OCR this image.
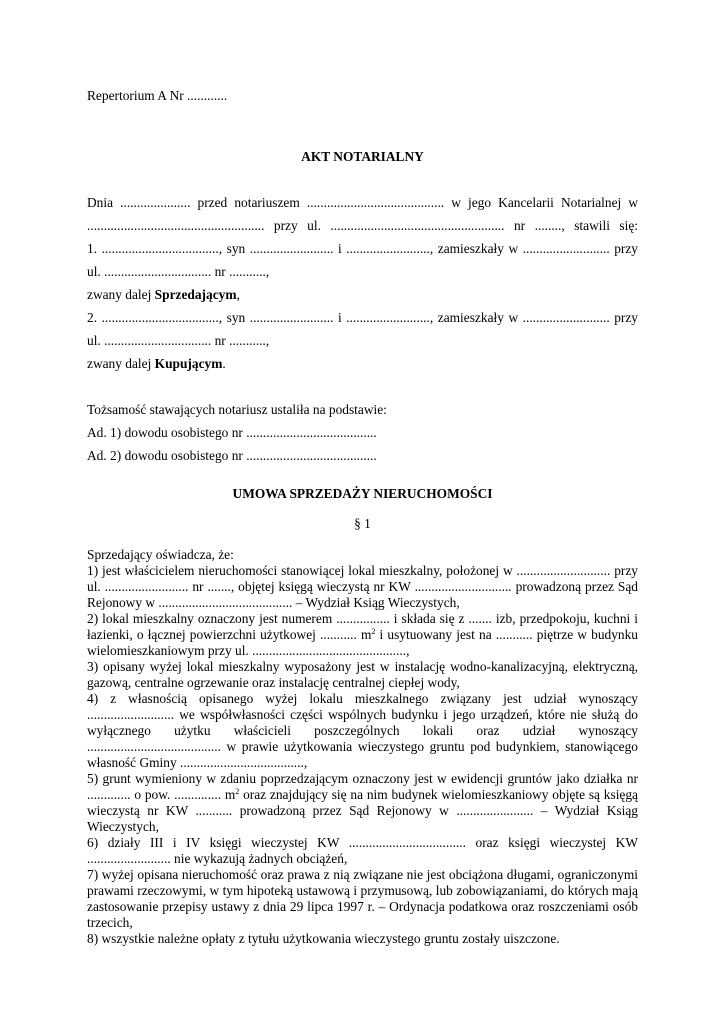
Repertorium A Nr ............
AKT NOTARIALNY
Dnia ..................... przed notariuszem ......................................... w jego Kancelarii Notarialnej w
..................................................... przy ul. .................................................... nr ........, stawili się:
1. ..................................., syn ......................... i ........................., zamieszkały w .......................... przy
ul. ................................ nr ...........,
zwany dalej Sprzedającym,
2. ..................................., syn ......................... i ........................., zamieszkały w .......................... przy
ul. ................................ nr ...........,
zwany dalej Kupującym.
Tożsamość stawających notariusz ustaliła na podstawie:
Ad. 1) dowodu osobistego nr .......................................
Ad. 2) dowodu osobistego nr .......................................
UMOWA SPRZEDAŻY NIERUCHOMOŚCI
§ 1
Sprzedający oświadcza, że:
1) jest właścicielem nieruchomości stanowiącej lokal mieszkalny, położonej w ............................ przy
ul. ......................... nr ......., objętej księgą wieczystą nr KW ............................. prowadzoną przez Sąd
Rejonowy w ........................................ – Wydział Ksiąg Wieczystych,
2) lokal mieszkalny oznaczony jest numerem ................ i składa się z ....... izb, przedpokoju, kuchni i
łazienki, o łącznej powierzchni użytkowej ........... $m^2$ i usytuowany jest na ........... piętrze w budynku
wielomieszkaniowym przy ul. ..............................................,
3) opisany wyżej lokal mieszkalny wyposażony jest w instalację wodno-kanalizacyjną, elektryczną,
gazową, centralne ogrzewanie oraz instalację centralnej ciepłej wody,
4) z własnością opisanego wyżej lokalu mieszkalnego związany jest udział wynoszący
.......................... we współwłasności części wspólnych budynku i jego urządzeń, które nie służą do
wyłącznego użytku właścicieli poszczególnych lokali oraz udział wynoszący
........................................ w prawie użytkowania wieczystego gruntu pod budynkiem, stanowiącego
własność Gminy .....................................,
5) grunt wymieniony w zdaniu poprzedzającym oznaczony jest w ewidencji gruntów jako działka nr
............. o pow. .............. $m^2$ oraz znajdujący się na nim budynek wielomieszkaniowy objęte są księgą
wieczystą nr KW ........... prowadzoną przez Sąd Rejonowy w ....................... – Wydział Ksiąg
Wieczystych,
6) działy III i IV księgi wieczystej KW ................................... oraz księgi wieczystej KW
......................... nie wykazują żadnych obciążeń,
7) wyżej opisana nieruchomość oraz prawa z nią związane nie jest obciążona długami, ograniczonymi
prawami rzeczowymi, w tym hipoteką ustawową i przymusową, lub zobowiązaniami, do których mają
zastosowanie przepisy ustawy z dnia 29 lipca 1997 r. – Ordynacja podatkowa oraz roszczeniami osób
trzecich,
8) wszystkie należne opłaty z tytułu użytkowania wieczystego gruntu zostały uiszczone.
